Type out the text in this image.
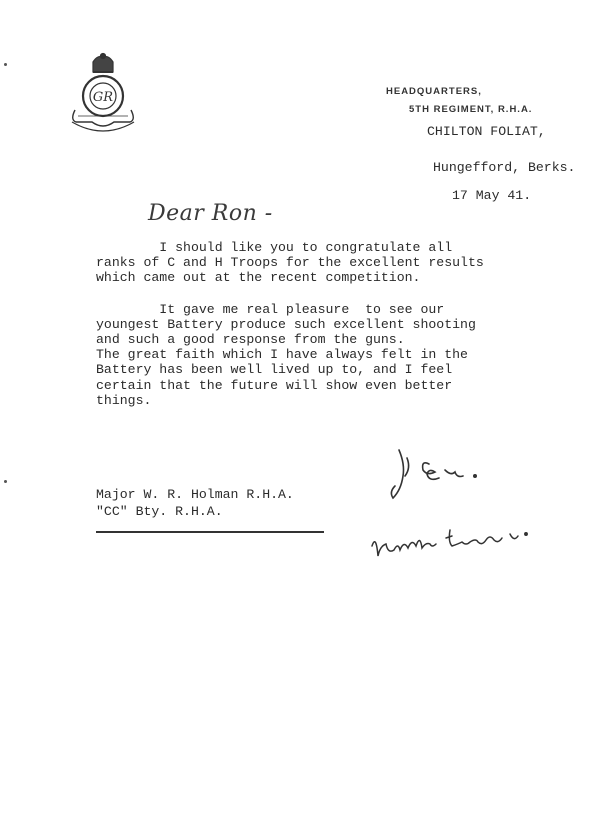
GR	HEADQUARTERS,
5TH REGIMENT, R.H.A.
CHILTON FOLIAT,
Hungefford, Berks.
17 May 41.
Dear Ron -
I should like you to congratulate all
ranks of C and H Troops for the excellent results
which came out at the recent competition.
It gave me real pleasure  to see our
youngest Battery produce such excellent shooting
and such a good response from the guns.
The great faith which I have always felt in the
Battery has been well lived up to, and I feel
certain that the future will show even better
things.
Major W. R. Holman R.H.A.
"CC" Bty. R.H.A.
